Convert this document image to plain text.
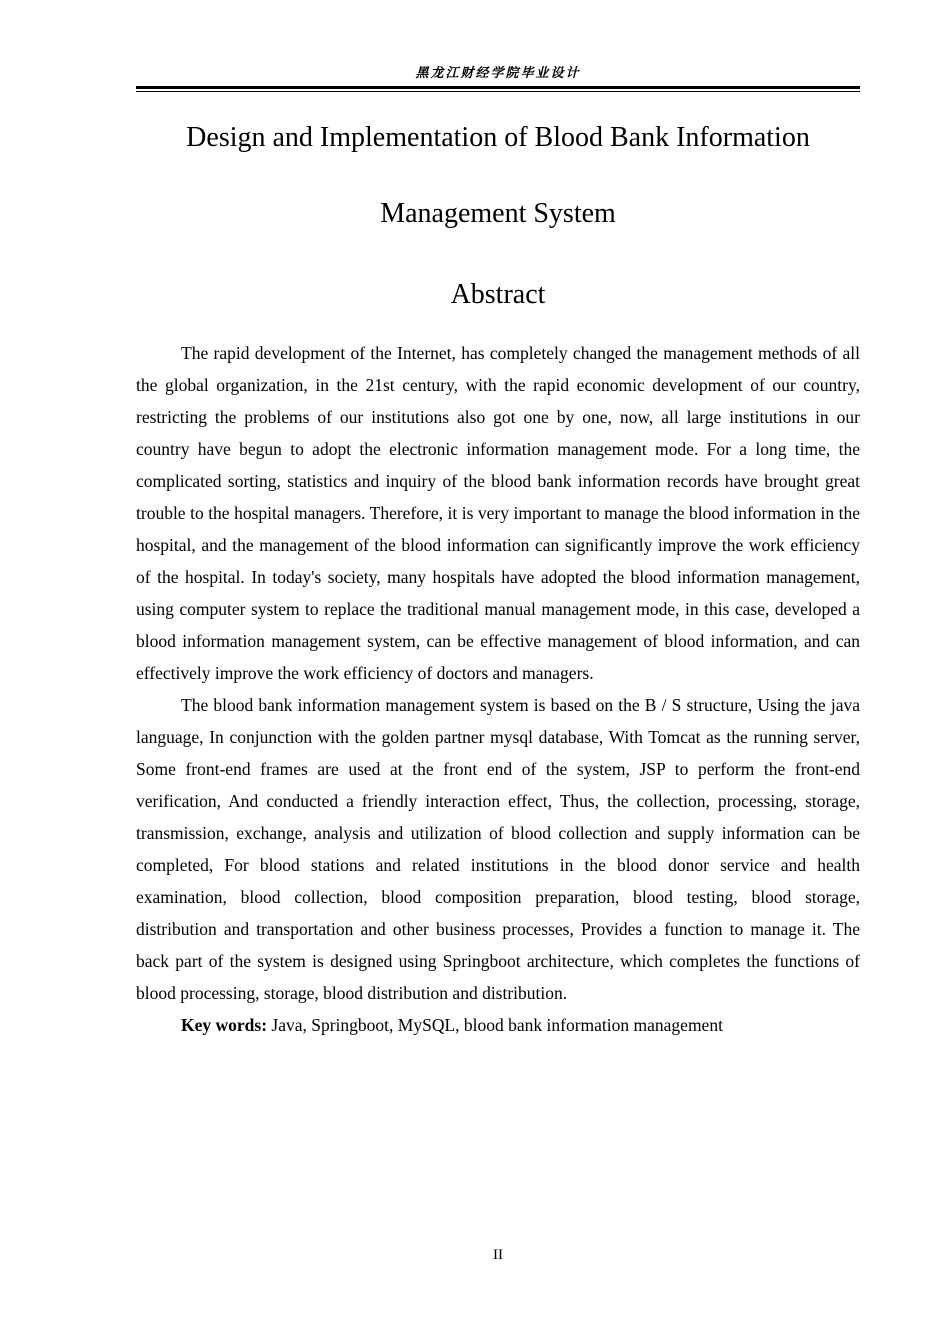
黑龙江财经学院毕业设计
Design and Implementation of Blood Bank Information
Management System
Abstract

The rapid development of the Internet, has completely changed the management methods of all the global organization, in the 21st century, with the rapid economic development of our country, restricting the problems of our institutions also got one by one, now, all large institutions in our country have begun to adopt the electronic information management mode. For a long time, the complicated sorting, statistics and inquiry of the blood bank information records have brought great trouble to the hospital managers. Therefore, it is very important to manage the blood information in the hospital, and the management of the blood information can significantly improve the work efficiency of the hospital. In today's society, many hospitals have adopted the blood information management, using computer system to replace the traditional manual management mode, in this case, developed a blood information management system, can be effective management of blood information, and can effectively improve the work efficiency of doctors and managers.

The blood bank information management system is based on the B / S structure, Using the java language, In conjunction with the golden partner mysql database, With Tomcat as the running server, Some front-end frames are used at the front end of the system, JSP to perform the front-end verification, And conducted a friendly interaction effect, Thus, the collection, processing, storage, transmission, exchange, analysis and utilization of blood collection and supply information can be completed, For blood stations and related institutions in the blood donor service and health examination, blood collection, blood composition preparation, blood testing, blood storage, distribution and transportation and other business processes, Provides a function to manage it. The back part of the system is designed using Springboot architecture, which completes the functions of blood processing, storage, blood distribution and distribution.

Key words: Java, Springboot, MySQL, blood bank information management

II
